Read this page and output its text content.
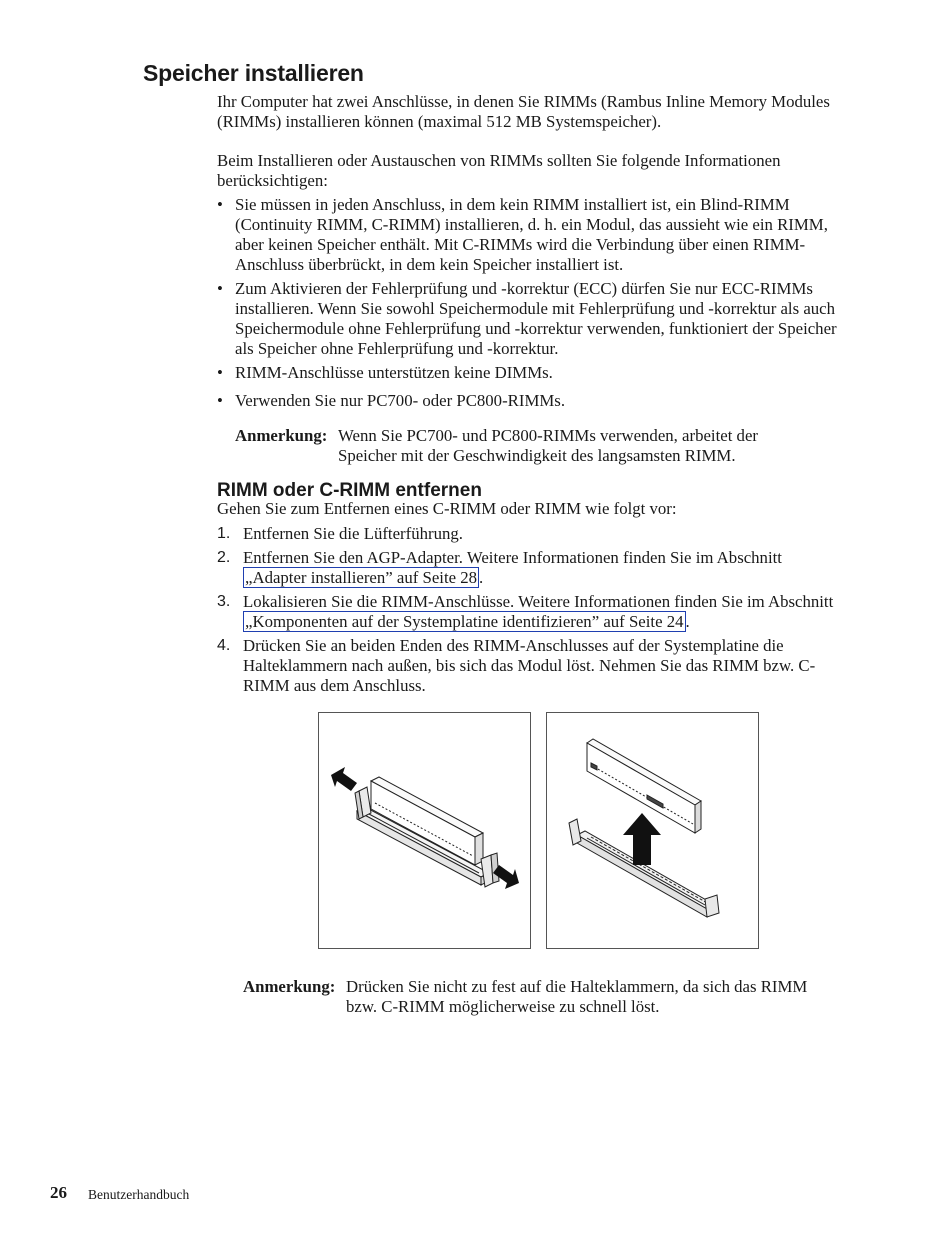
Speicher installieren

Ihr Computer hat zwei Anschlüsse, in denen Sie RIMMs (Rambus Inline Memory Modules (RIMMs) installieren können (maximal 512 MB Systemspeicher).

Beim Installieren oder Austauschen von RIMMs sollten Sie folgende Informationen berücksichtigen:

• Sie müssen in jeden Anschluss, in dem kein RIMM installiert ist, ein Blind-RIMM (Continuity RIMM, C-RIMM) installieren, d. h. ein Modul, das aussieht wie ein RIMM, aber keinen Speicher enthält. Mit C-RIMMs wird die Verbindung über einen RIMM-Anschluss überbrückt, in dem kein Speicher installiert ist.
• Zum Aktivieren der Fehlerprüfung und -korrektur (ECC) dürfen Sie nur ECC-RIMMs installieren. Wenn Sie sowohl Speichermodule mit Fehlerprüfung und -korrektur als auch Speichermodule ohne Fehlerprüfung und -korrektur verwenden, funktioniert der Speicher als Speicher ohne Fehlerprüfung und -korrektur.
• RIMM-Anschlüsse unterstützen keine DIMMs.
• Verwenden Sie nur PC700- oder PC800-RIMMs.
Anmerkung: Wenn Sie PC700- und PC800-RIMMs verwenden, arbeitet der Speicher mit der Geschwindigkeit des langsamsten RIMM.
RIMM oder C-RIMM entfernen

Gehen Sie zum Entfernen eines C-RIMM oder RIMM wie folgt vor:

1. Entfernen Sie die Lüfterführung.
2. Entfernen Sie den AGP-Adapter. Weitere Informationen finden Sie im Abschnitt „Adapter installieren” auf Seite 28 .
3. Lokalisieren Sie die RIMM-Anschlüsse. Weitere Informationen finden Sie im Abschnitt „Komponenten auf der Systemplatine identifizieren” auf Seite 24 .
4. Drücken Sie an beiden Enden des RIMM-Anschlusses auf der Systemplatine die Halteklammern nach außen, bis sich das Modul löst. Nehmen Sie das RIMM bzw. C-RIMM aus dem Anschluss.
Anmerkung: Drücken Sie nicht zu fest auf die Halteklammern, da sich das RIMM bzw. C-RIMM möglicherweise zu schnell löst.
26 Benutzerhandbuch
